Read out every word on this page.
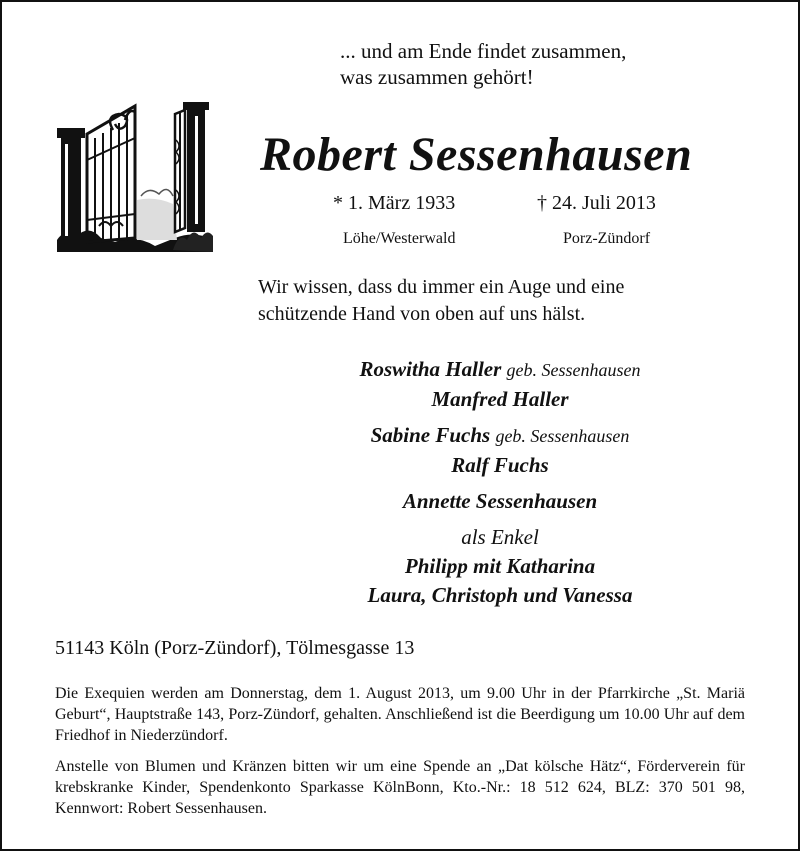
... und am Ende findet zusammen,
was zusammen gehört!
Robert Sessenhausen
* 1. März 1933	† 24. Juli 2013
Löhe/Westerwald	Porz-Zündorf
Wir wissen, dass du immer ein Auge und eine
schützende Hand von oben auf uns hälst.
Roswitha Haller geb. Sessenhausen
Manfred Haller
Sabine Fuchs geb. Sessenhausen
Ralf Fuchs
Annette Sessenhausen
als Enkel
Philipp mit Katharina
Laura, Christoph und Vanessa
51143 Köln (Porz-Zündorf), Tölmesgasse 13
Die Exequien werden am Donnerstag, dem 1. August 2013, um 9.00 Uhr in der Pfarrkirche „St. Mariä Geburt“, Hauptstraße 143, Porz-Zündorf, gehalten. Anschließend ist die Beerdigung um 10.00 Uhr auf dem Friedhof in Niederzündorf.
Anstelle von Blumen und Kränzen bitten wir um eine Spende an „Dat kölsche Hätz“, Förderverein für krebskranke Kinder, Spendenkonto Sparkasse KölnBonn, Kto.-Nr.: 18 512 624, BLZ: 370 501 98, Kennwort: Robert Sessenhausen.
